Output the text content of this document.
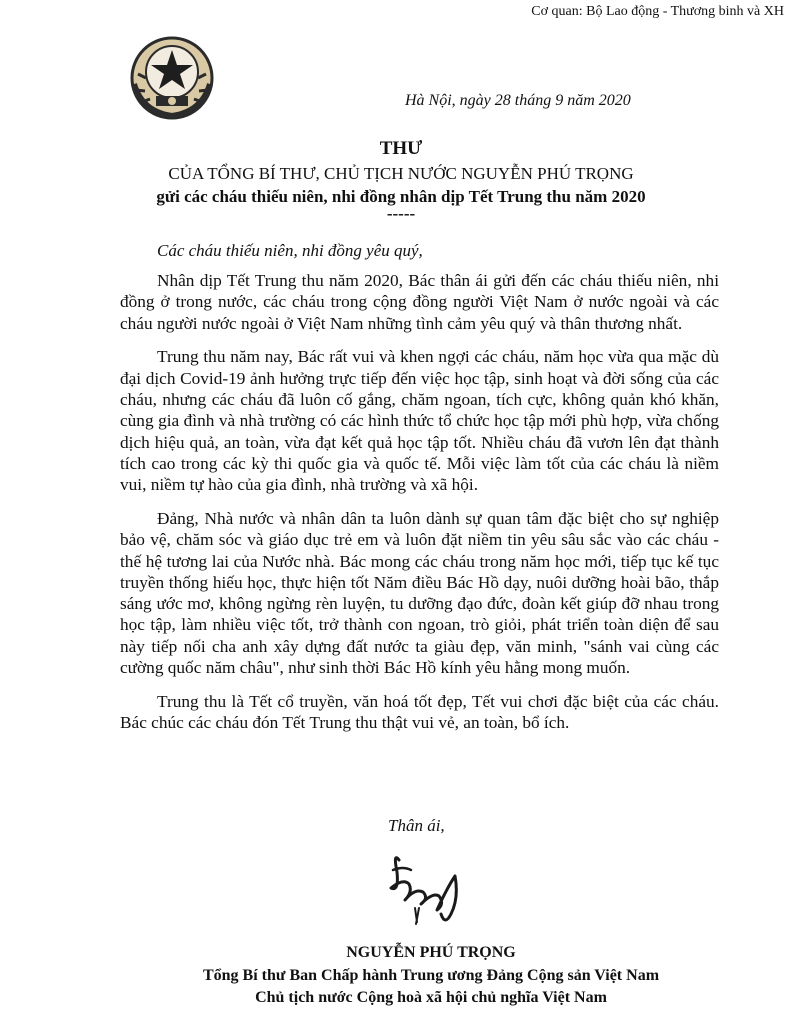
Cơ quan: Bộ Lao động - Thương binh và XH
Hà Nội, ngày 28 tháng 9 năm 2020
THƯ
CỦA TỔNG BÍ THƯ, CHỦ TỊCH NƯỚC NGUYỄN PHÚ TRỌNG
gửi các cháu thiếu niên, nhi đồng nhân dịp Tết Trung thu năm 2020
-----
Các cháu thiếu niên, nhi đồng yêu quý,

Nhân dịp Tết Trung thu năm 2020, Bác thân ái gửi đến các cháu thiếu niên, nhi đồng ở trong nước, các cháu trong cộng đồng người Việt Nam ở nước ngoài và các cháu người nước ngoài ở Việt Nam những tình cảm yêu quý và thân thương nhất.

Trung thu năm nay, Bác rất vui và khen ngợi các cháu, năm học vừa qua mặc dù đại dịch Covid-19 ảnh hưởng trực tiếp đến việc học tập, sinh hoạt và đời sống của các cháu, nhưng các cháu đã luôn cố gắng, chăm ngoan, tích cực, không quản khó khăn, cùng gia đình và nhà trường có các hình thức tổ chức học tập mới phù hợp, vừa chống dịch hiệu quả, an toàn, vừa đạt kết quả học tập tốt. Nhiều cháu đã vươn lên đạt thành tích cao trong các kỳ thi quốc gia và quốc tế. Mỗi việc làm tốt của các cháu là niềm vui, niềm tự hào của gia đình, nhà trường và xã hội.

Đảng, Nhà nước và nhân dân ta luôn dành sự quan tâm đặc biệt cho sự nghiệp bảo vệ, chăm sóc và giáo dục trẻ em và luôn đặt niềm tin yêu sâu sắc vào các cháu - thế hệ tương lai của Nước nhà. Bác mong các cháu trong năm học mới, tiếp tục kế tục truyền thống hiếu học, thực hiện tốt Năm điều Bác Hồ dạy, nuôi dưỡng hoài bão, thắp sáng ước mơ, không ngừng rèn luyện, tu dưỡng đạo đức, đoàn kết giúp đỡ nhau trong học tập, làm nhiều việc tốt, trở thành con ngoan, trò giỏi, phát triển toàn diện để sau này tiếp nối cha anh xây dựng đất nước ta giàu đẹp, văn minh, "sánh vai cùng các cường quốc năm châu", như sinh thời Bác Hồ kính yêu hằng mong muốn.

Trung thu là Tết cổ truyền, văn hoá tốt đẹp, Tết vui chơi đặc biệt của các cháu. Bác chúc các cháu đón Tết Trung thu thật vui vẻ, an toàn, bổ ích.

Thân ái,
NGUYỄN PHÚ TRỌNG
Tổng Bí thư Ban Chấp hành Trung ương Đảng Cộng sản Việt Nam
Chủ tịch nước Cộng hoà xã hội chủ nghĩa Việt Nam
